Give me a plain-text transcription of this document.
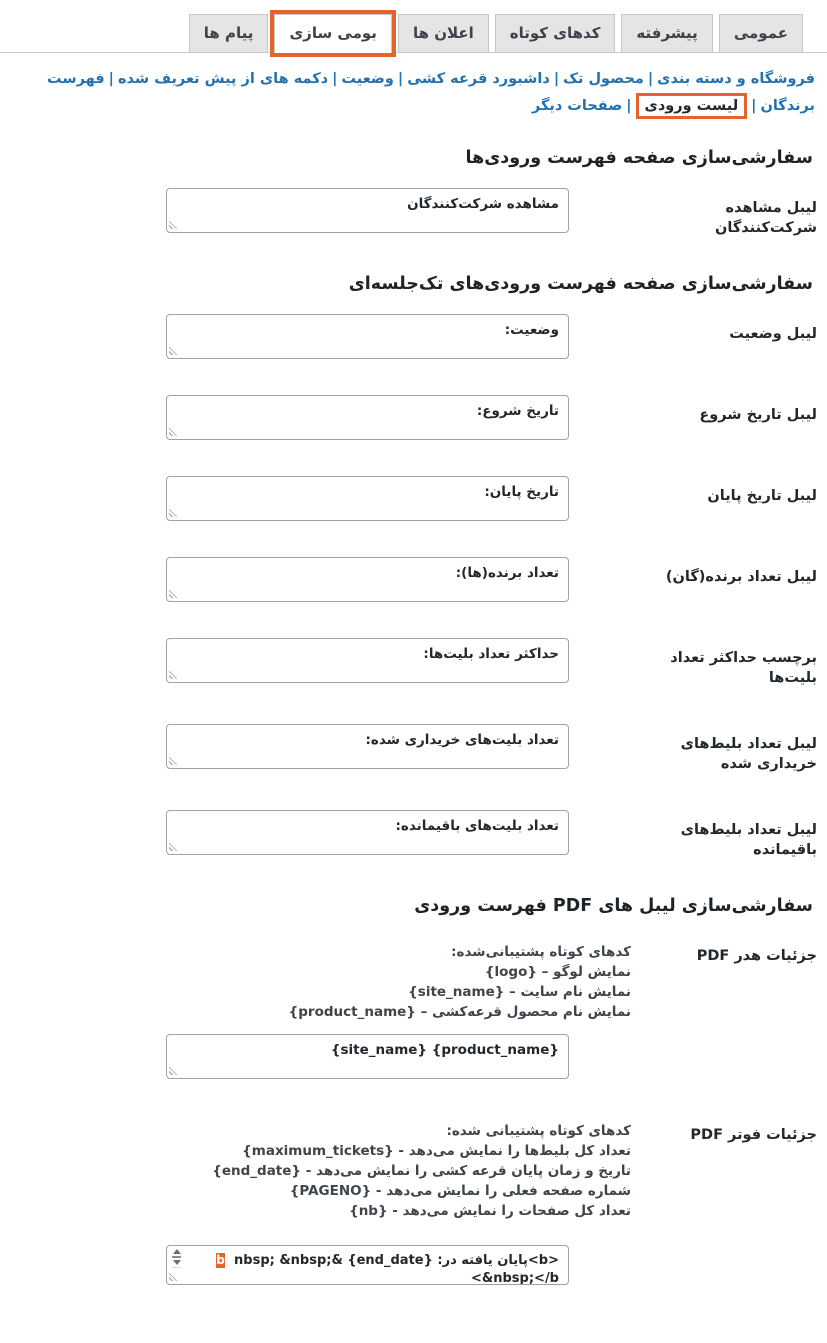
عمومی
پیشرفته
کدهای کوتاه
اعلان ها
بومی سازی
پیام ها
فروشگاه و دسته بندی|محصول تک|داشبورد قرعه کشی|وضعیت|دکمه های از پیش تعریف شده|فهرست برندگان|لیست ورودی|صفحات دیگر
سفارشی‌سازی صفحه فهرست ورودی‌ها
لیبل مشاهده شرکت‌کنندگان
مشاهده شرکت‌کنندگان
سفارشی‌سازی صفحه فهرست ورودی‌های تک‌جلسه‌ای
لیبل وضعیت
وضعیت:
لیبل تاریخ شروع
تاریخ شروع:
لیبل تاریخ پایان
تاریخ پایان:
لیبل تعداد برنده(گان)
تعداد برنده(ها):
برچسب حداکثر تعداد بلیت‌ها
حداکثر تعداد بلیت‌ها:
لیبل تعداد بلیط‌های خریداری شده
تعداد بلیت‌های خریداری شده:
لیبل تعداد بلیط‌های باقیمانده
تعداد بلیت‌های باقیمانده:
سفارشی‌سازی لیبل های PDF فهرست ورودی
جزئیات هدر PDF

کدهای کوتاه پشتیبانی‌شده:

{logo} – نمایش لوگو

{site_name} – نمایش نام سایت

{product_name} – نمایش نام محصول قرعه‌کشی

{product_name} {site_name}
جزئیات فوتر PDF

کدهای کوتاه پشتیبانی شده:

{maximum_tickets} - تعداد کل بلیط‌ها را نمایش می‌دهد

{end_date} - تاریخ و زمان پایان قرعه کشی را نمایش می‌دهد

{PAGENO} - شماره صفحه فعلی را نمایش می‌دهد

{nb} - تعداد کل صفحات را نمایش می‌دهد

<b>پایان یافته در: {end_date} &nbsp; &nbsp; &nbsp;</b> &nbsp; &nbsp; &nbsp; &nbsp; &nbsp; &nbsp; &nbsp;
b
